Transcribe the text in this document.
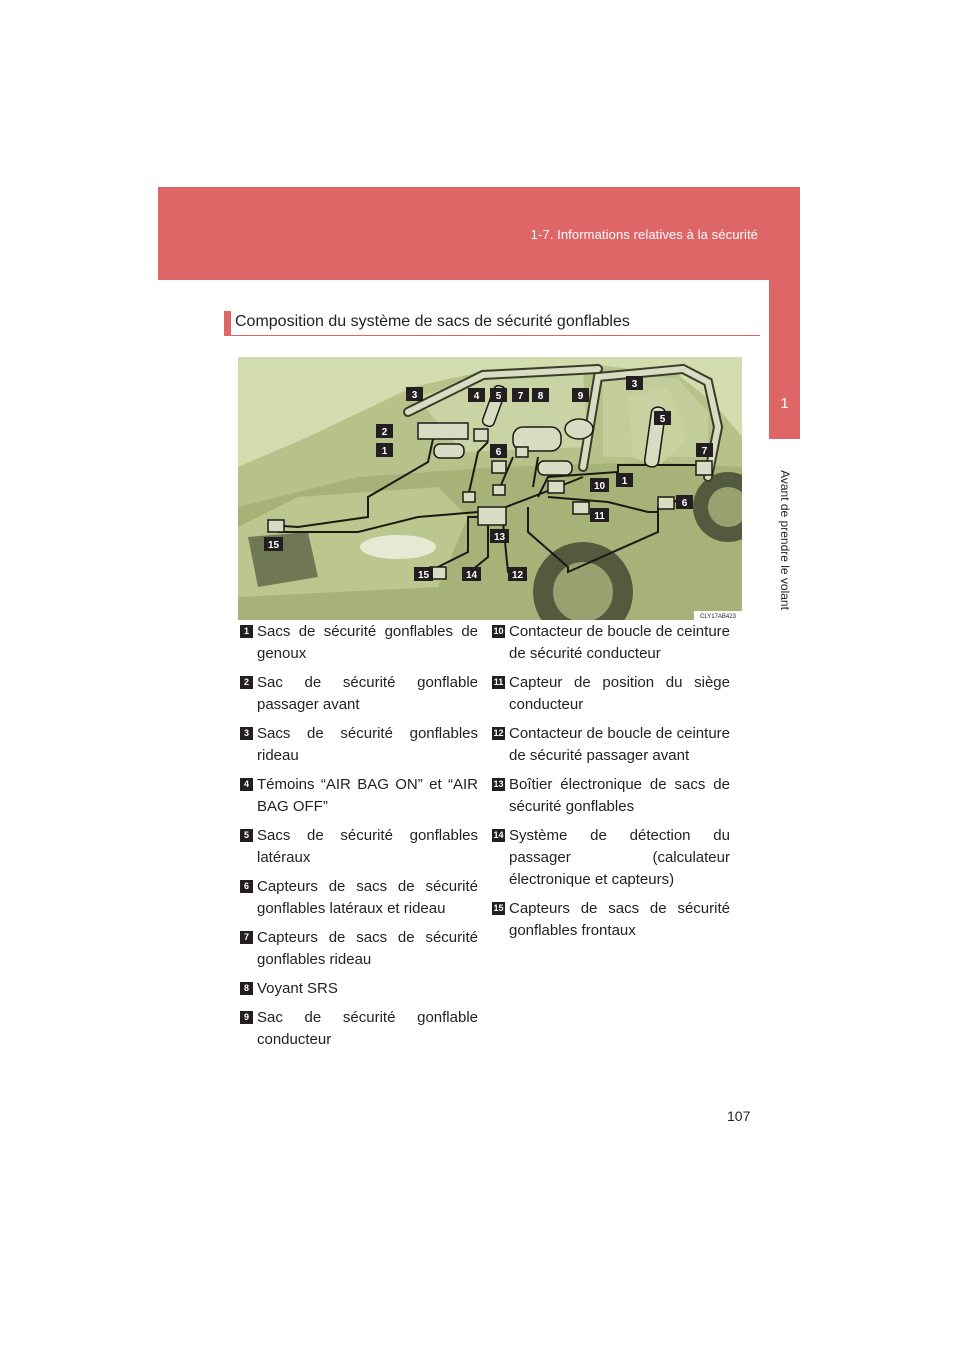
1-7. Informations relatives à la sécurité
1
Avant de prendre le volant
Composition du système de sacs de sécurité gonflables
3
2
1
4 5 7 8	9
3
5
7
6
1
10
6
11
13
15
15	14	12
CLY17AB423
1 Sacs de sécurité gonflables de genoux
2 Sac de sécurité gonflable passager avant
3 Sacs de sécurité gonflables rideau
4 Témoins “AIR BAG ON” et “AIR BAG OFF”
5 Sacs de sécurité gonflables latéraux
6 Capteurs de sacs de sécurité gonflables latéraux et rideau
7 Capteurs de sacs de sécurité gonflables rideau
8 Voyant SRS
9 Sac de sécurité gonflable conducteur
10 Contacteur de boucle de ceinture de sécurité conducteur
11 Capteur de position du siège conducteur
12 Contacteur de boucle de ceinture de sécurité passager avant
13 Boîtier électronique de sacs de sécurité gonflables
14 Système de détection du passager (calculateur électronique et capteurs)
15 Capteurs de sacs de sécurité gonflables frontaux
107
